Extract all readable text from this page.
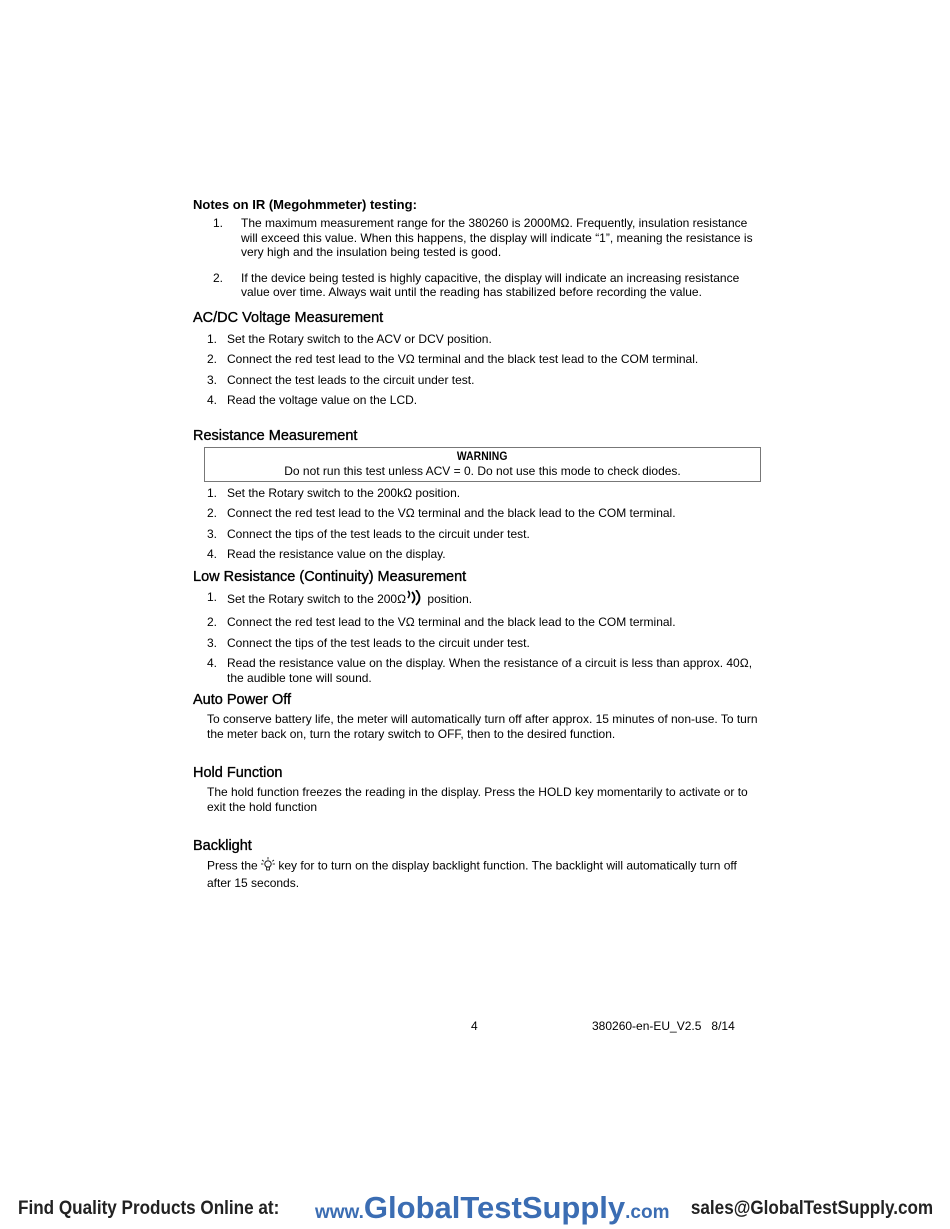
Notes on IR (Megohmmeter) testing:
1.	The maximum measurement range for the 380260 is 2000MΩ. Frequently, insulation resistance will exceed this value. When this happens, the display will indicate “1”, meaning the resistance is very high and the insulation being tested is good.
2.	If the device being tested is highly capacitive, the display will indicate an increasing resistance value over time. Always wait until the reading has stabilized before recording the value.
AC/DC Voltage Measurement
1. Set the Rotary switch to the ACV or DCV position.
2. Connect the red test lead to the VΩ terminal and the black test lead to the COM terminal.
3. Connect the test leads to the circuit under test.
4. Read the voltage value on the LCD.
Resistance Measurement
WARNING
Do not run this test unless ACV = 0. Do not use this mode to check diodes.
1. Set the Rotary switch to the 200kΩ position.
2. Connect the red test lead to the VΩ terminal and the black lead to the COM terminal.
3. Connect the tips of the test leads to the circuit under test.
4. Read the resistance value on the display.
Low Resistance (Continuity) Measurement
1. Set the Rotary switch to the 200Ω position.
2. Connect the red test lead to the VΩ terminal and the black lead to the COM terminal.
3. Connect the tips of the test leads to the circuit under test.
4. Read the resistance value on the display. When the resistance of a circuit is less than approx. 40Ω, the audible tone will sound.
Auto Power Off

To conserve battery life, the meter will automatically turn off after approx. 15 minutes of non-use. To turn the meter back on, turn the rotary switch to OFF, then to the desired function.

Hold Function

The hold function freezes the reading in the display. Press the HOLD key momentarily to activate or to exit the hold function

Backlight

Press the  key for to turn on the display backlight function. The backlight will automatically turn off after 15 seconds.

4	380260-en-EU_V2.5   8/14
Find Quality Products Online at: www.GlobalTestSupply.com sales@GlobalTestSupply.com
